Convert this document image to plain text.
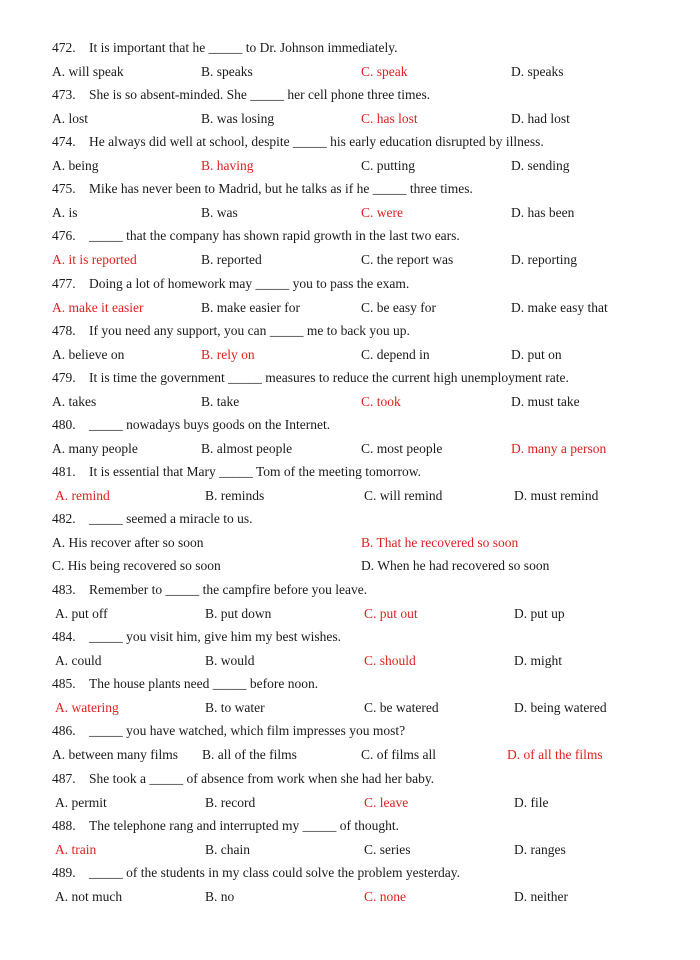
472. It is important that he _____ to Dr. Johnson immediately.
A. will speak	B. speaks	C. speak	D. speaks
473. She is so absent-minded. She _____ her cell phone three times.
A. lost	B. was losing	C. has lost	D. had lost
474. He always did well at school, despite _____ his early education disrupted by illness.
A. being	B. having	C. putting	D. sending
475. Mike has never been to Madrid, but he talks as if he _____ three times.
A. is	B. was	C. were	D. has been
476. _____ that the company has shown rapid growth in the last two ears.
A. it is reported	B. reported	C. the report was	D. reporting
477. Doing a lot of homework may _____ you to pass the exam.
A. make it easier	B. make easier for	C. be easy for	D. make easy that
478. If you need any support, you can _____ me to back you up.
A. believe on	B. rely on	C. depend in	D. put on
479. It is time the government _____ measures to reduce the current high unemployment rate.
A. takes	B. take	C. took	D. must take
480. _____ nowadays buys goods on the Internet.
A. many people	B. almost people	C. most people	D. many a person
481. It is essential that Mary _____ Tom of the meeting tomorrow.
A. remind	B. reminds	C. will remind	D. must remind
482. _____ seemed a miracle to us.
A. His recover after so soon	B. That he recovered so soon
C. His being recovered so soon	D. When he had recovered so soon
483. Remember to _____ the campfire before you leave.
A. put off	B. put down	C. put out	D. put up
484. _____ you visit him, give him my best wishes.
A. could	B. would	C. should	D. might
485. The house plants need _____ before noon.
A. watering	B. to water	C. be watered	D. being watered
486. _____ you have watched, which film impresses you most?
A. between many films B. all of the films	C. of films all	D. of all the films
487. She took a _____ of absence from work when she had her baby.
A. permit	B. record	C. leave	D. file
488. The telephone rang and interrupted my _____ of thought.
A. train	B. chain	C. series	D. ranges
489. _____ of the students in my class could solve the problem yesterday.
A. not much	B. no	C. none	D. neither
